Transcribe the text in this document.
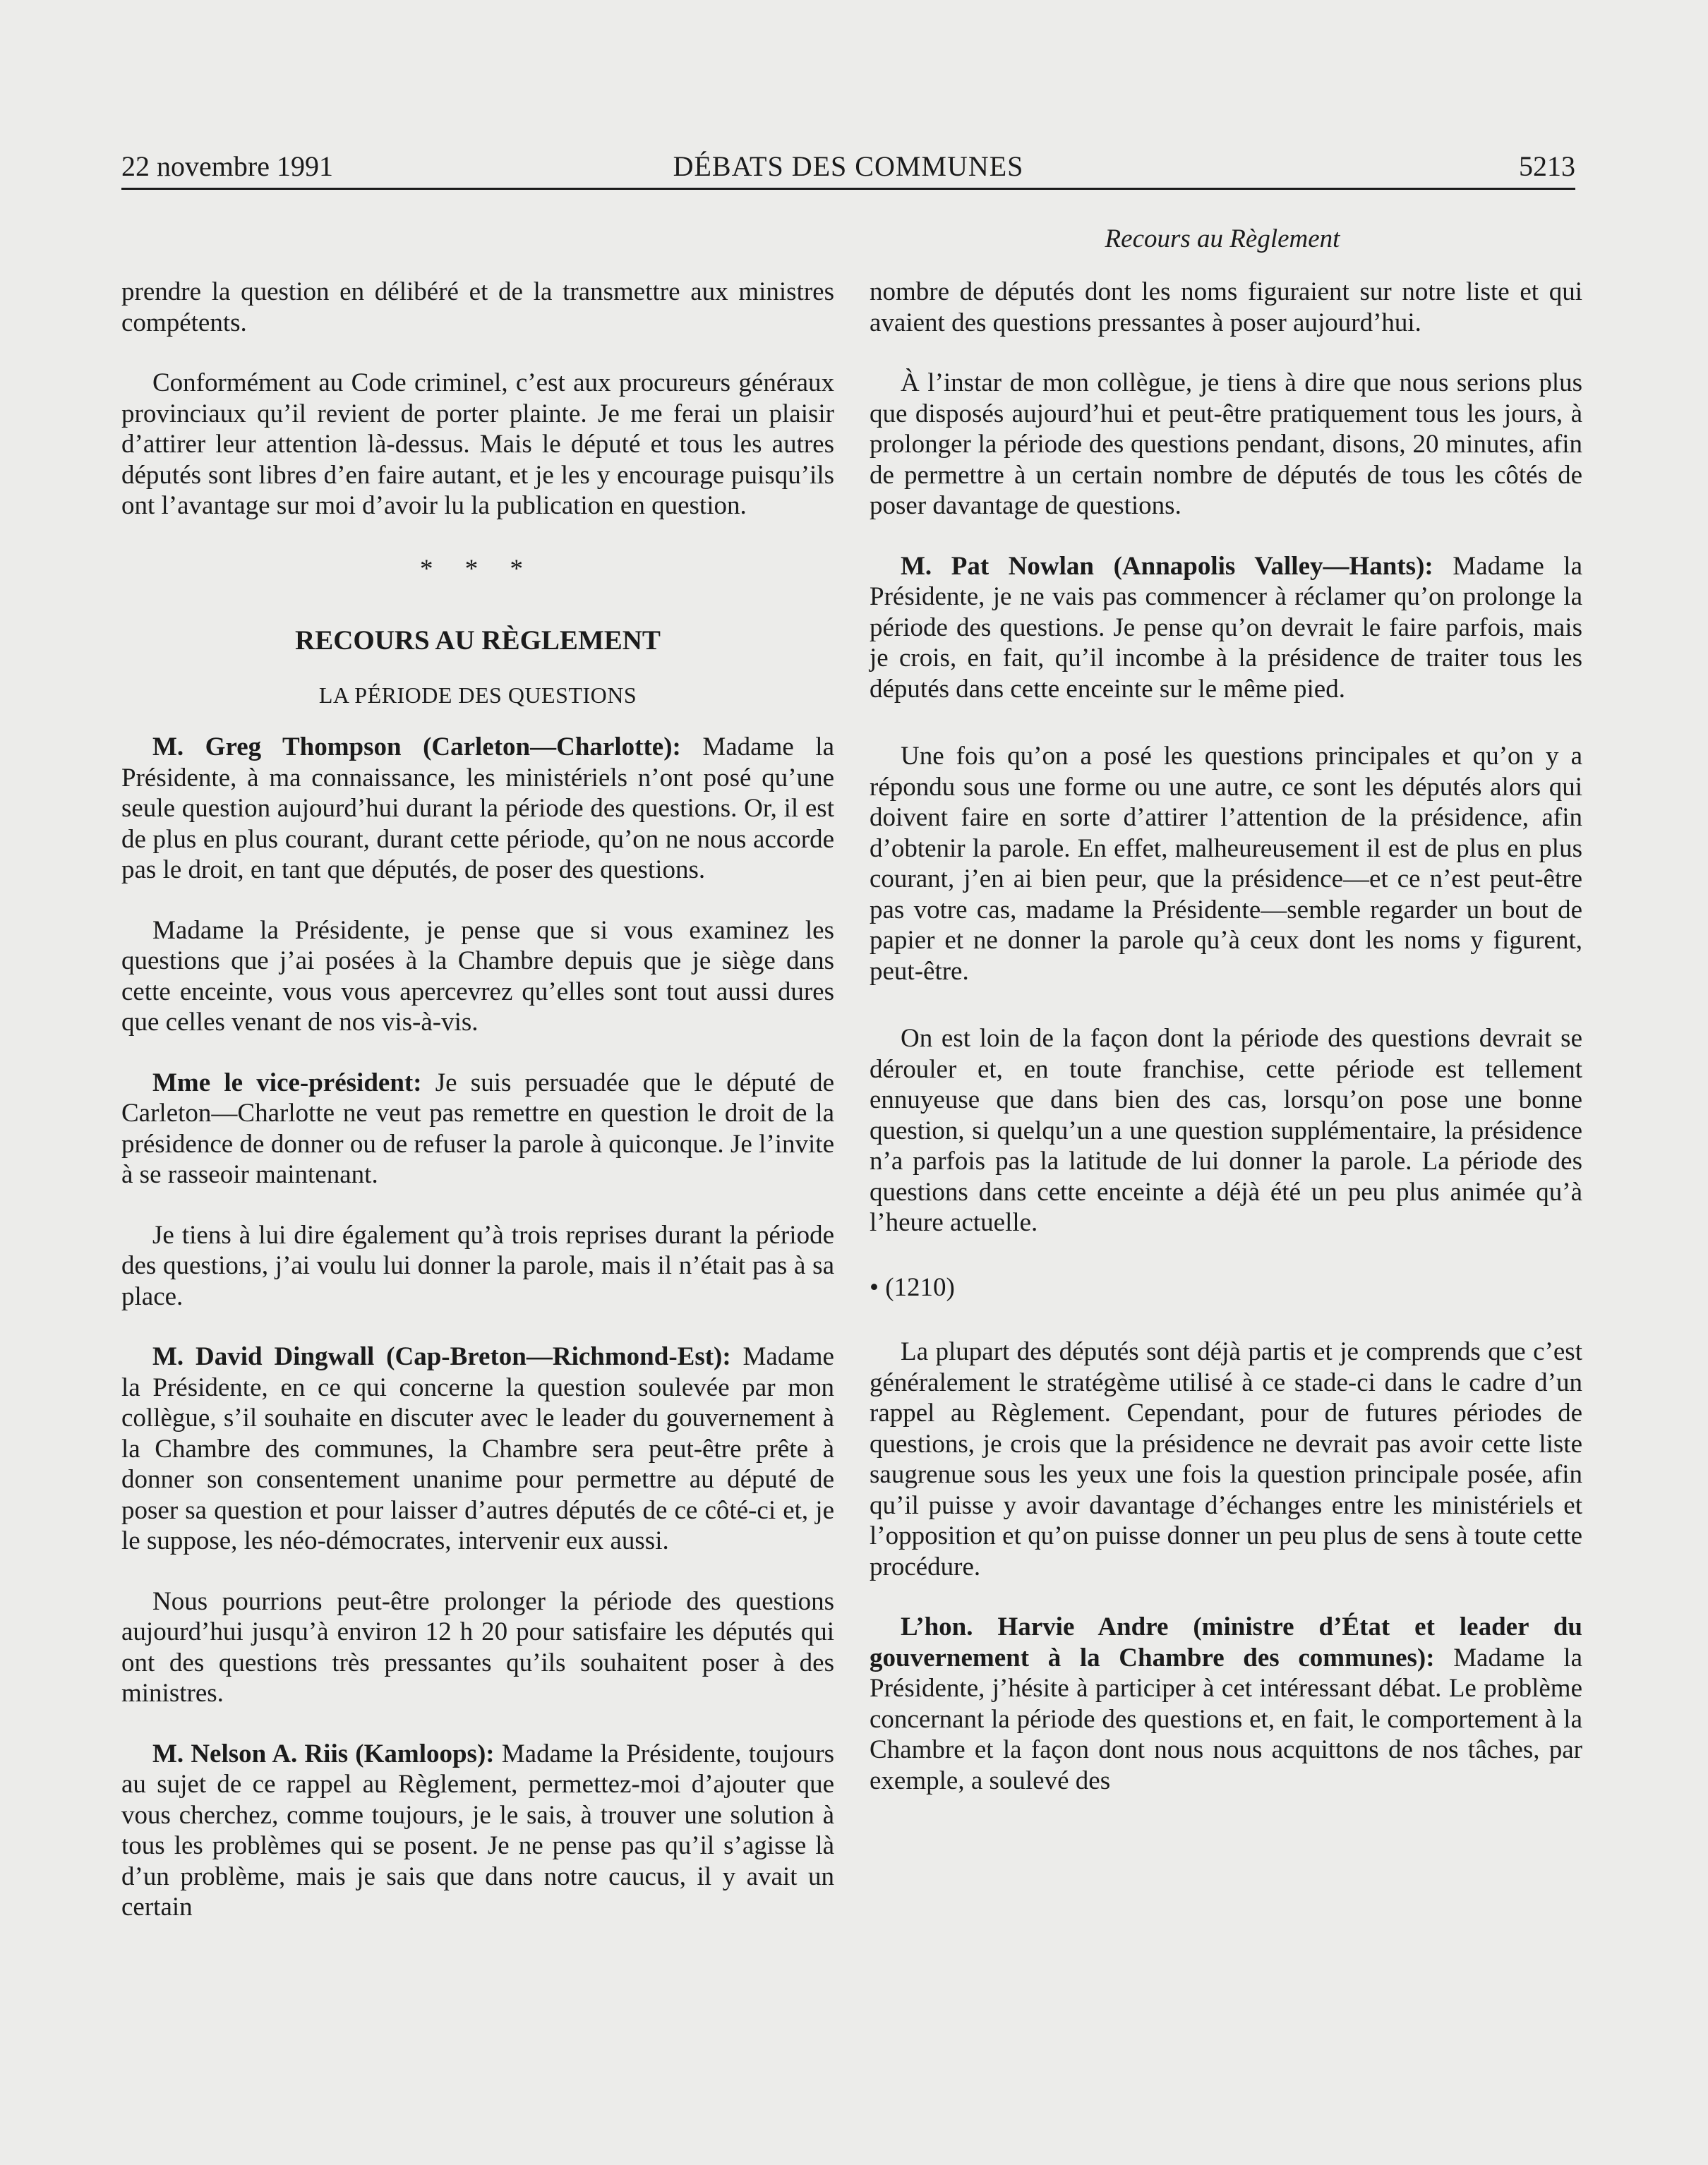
22 novembre 1991	DÉBATS DES COMMUNES	5213
Recours au Règlement

prendre la question en délibéré et de la transmettre aux ministres compétents.

Conformément au Code criminel, c’est aux procureurs généraux provinciaux qu’il revient de porter plainte. Je me ferai un plaisir d’attirer leur attention là-dessus. Mais le député et tous les autres députés sont libres d’en faire autant, et je les y encourage puisqu’ils ont l’avantage sur moi d’avoir lu la publication en question.

* * *

RECOURS AU RÈGLEMENT

LA PÉRIODE DES QUESTIONS

M. Greg Thompson (Carleton—Charlotte): Madame la Présidente, à ma connaissance, les ministériels n’ont posé qu’une seule question aujourd’hui durant la période des questions. Or, il est de plus en plus courant, durant cette période, qu’on ne nous accorde pas le droit, en tant que députés, de poser des questions.

Madame la Présidente, je pense que si vous examinez les questions que j’ai posées à la Chambre depuis que je siège dans cette enceinte, vous vous apercevrez qu’elles sont tout aussi dures que celles venant de nos vis-à-vis.

Mme le vice-président: Je suis persuadée que le député de Carleton—Charlotte ne veut pas remettre en question le droit de la présidence de donner ou de refuser la parole à quiconque. Je l’invite à se rasseoir maintenant.

Je tiens à lui dire également qu’à trois reprises durant la période des questions, j’ai voulu lui donner la parole, mais il n’était pas à sa place.

M. David Dingwall (Cap-Breton—Richmond-Est): Madame la Présidente, en ce qui concerne la question soulevée par mon collègue, s’il souhaite en discuter avec le leader du gouvernement à la Chambre des communes, la Chambre sera peut-être prête à donner son consentement unanime pour permettre au député de poser sa question et pour laisser d’autres députés de ce côté-ci et, je le suppose, les néo-démocrates, intervenir eux aussi.

Nous pourrions peut-être prolonger la période des questions aujourd’hui jusqu’à environ 12 h 20 pour satisfaire les députés qui ont des questions très pressantes qu’ils souhaitent poser à des ministres.

M. Nelson A. Riis (Kamloops): Madame la Présidente, toujours au sujet de ce rappel au Règlement, permettez-moi d’ajouter que vous cherchez, comme toujours, je le sais, à trouver une solution à tous les problèmes qui se posent. Je ne pense pas qu’il s’agisse là d’un problème, mais je sais que dans notre caucus, il y avait un certain

nombre de députés dont les noms figuraient sur notre liste et qui avaient des questions pressantes à poser aujourd’hui.

À l’instar de mon collègue, je tiens à dire que nous serions plus que disposés aujourd’hui et peut-être pratiquement tous les jours, à prolonger la période des questions pendant, disons, 20 minutes, afin de permettre à un certain nombre de députés de tous les côtés de poser davantage de questions.

M. Pat Nowlan (Annapolis Valley—Hants): Madame la Présidente, je ne vais pas commencer à réclamer qu’on prolonge la période des questions. Je pense qu’on devrait le faire parfois, mais je crois, en fait, qu’il incombe à la présidence de traiter tous les députés dans cette enceinte sur le même pied.

Une fois qu’on a posé les questions principales et qu’on y a répondu sous une forme ou une autre, ce sont les députés alors qui doivent faire en sorte d’attirer l’attention de la présidence, afin d’obtenir la parole. En effet, malheureusement il est de plus en plus courant, j’en ai bien peur, que la présidence—et ce n’est peut-être pas votre cas, madame la Présidente—semble regarder un bout de papier et ne donner la parole qu’à ceux dont les noms y figurent, peut-être.

On est loin de la façon dont la période des questions devrait se dérouler et, en toute franchise, cette période est tellement ennuyeuse que dans bien des cas, lorsqu’on pose une bonne question, si quelqu’un a une question supplémentaire, la présidence n’a parfois pas la latitude de lui donner la parole. La période des questions dans cette enceinte a déjà été un peu plus animée qu’à l’heure actuelle.

• (1210)

La plupart des députés sont déjà partis et je comprends que c’est généralement le stratégème utilisé à ce stade-ci dans le cadre d’un rappel au Règlement. Cependant, pour de futures périodes de questions, je crois que la présidence ne devrait pas avoir cette liste saugrenue sous les yeux une fois la question principale posée, afin qu’il puisse y avoir davantage d’échanges entre les ministériels et l’opposition et qu’on puisse donner un peu plus de sens à toute cette procédure.

L’hon. Harvie Andre (ministre d’État et leader du gouvernement à la Chambre des communes): Madame la Présidente, j’hésite à participer à cet intéressant débat. Le problème concernant la période des questions et, en fait, le comportement à la Chambre et la façon dont nous nous acquittons de nos tâches, par exemple, a soulevé des
